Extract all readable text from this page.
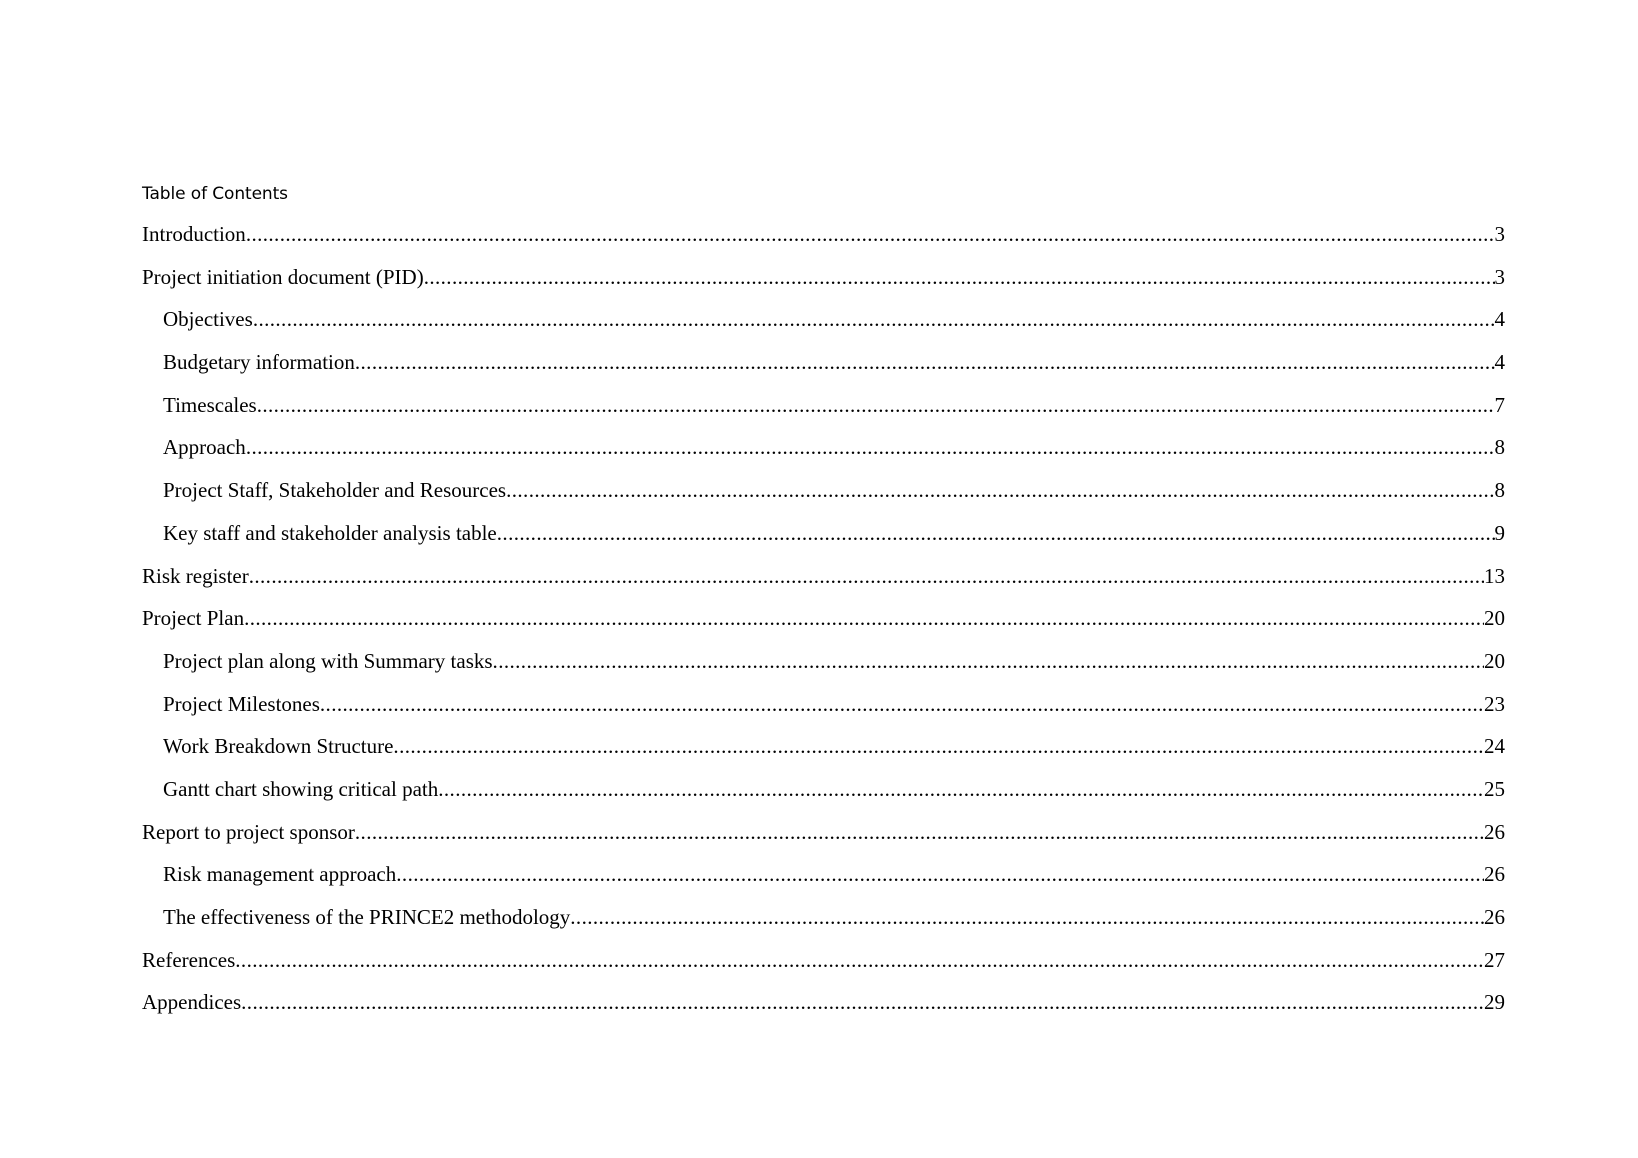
Table of Contents
Introduction .....	3
Project initiation document (PID) .....	3
Objectives .....	4
Budgetary information .....	4
Timescales .....	7
Approach .....	8
Project Staff, Stakeholder and Resources .....	8
Key staff and stakeholder analysis table .....	9
Risk register .....	13
Project Plan .....	20
Project plan along with Summary tasks .....	20
Project Milestones .....	23
Work Breakdown Structure .....	24
Gantt chart showing critical path .....	25
Report to project sponsor .....	26
Risk management approach .....	26
The effectiveness of the PRINCE2 methodology .....	26
References .....	27
Appendices .....	29
